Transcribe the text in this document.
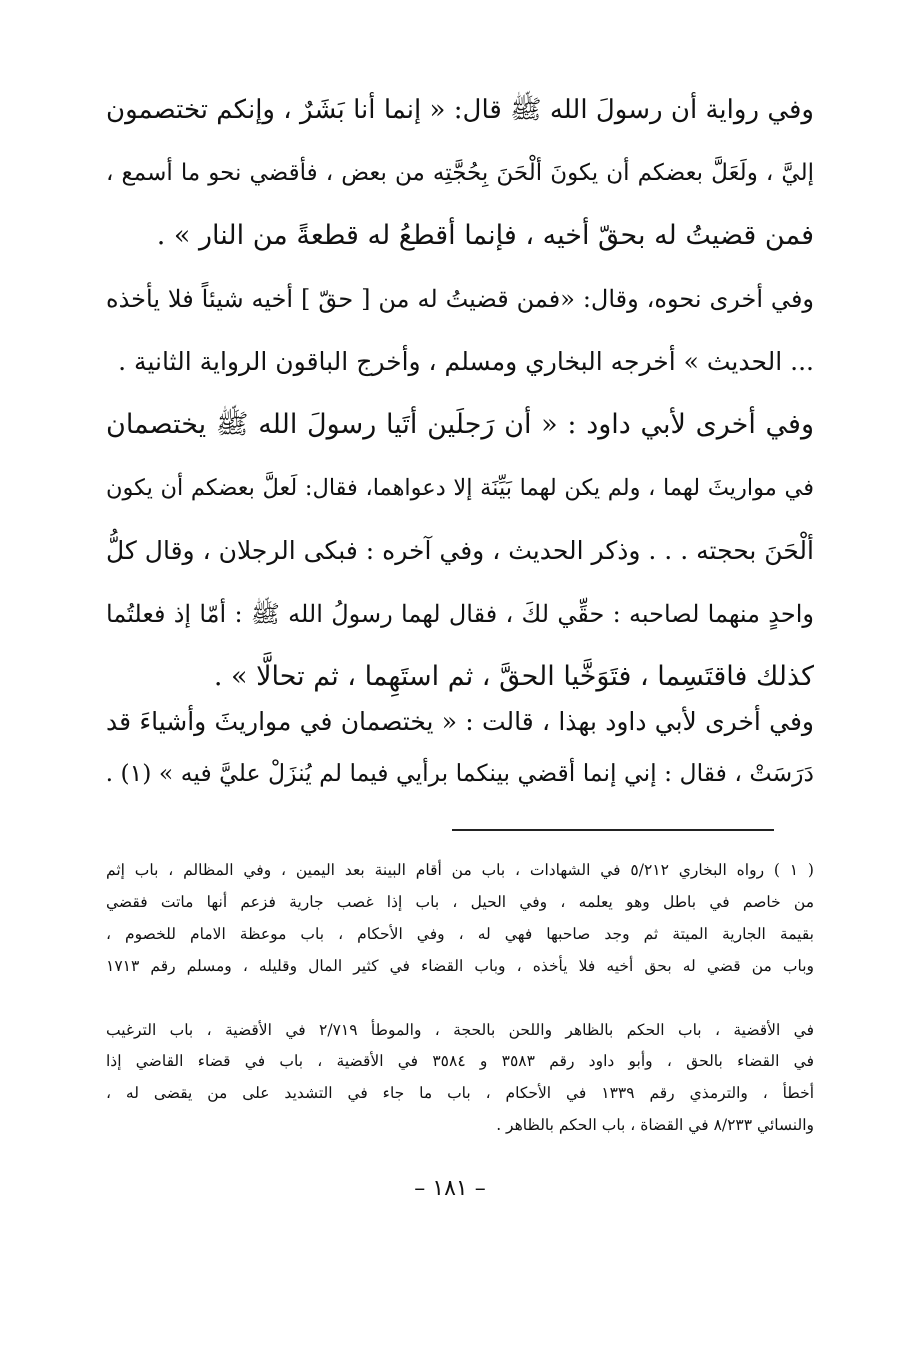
وفي رواية أن رسولَ الله ﷺ قال: « إنما أنا بَشَرٌ ، وإنكم تختصمون
إليَّ ، ولَعَلَّ بعضكم أن يكونَ ألْحَنَ بِحُجَّتِه من بعض ، فأقضي نحو ما أسمع ،
فمن قضيتُ له بحقّ أخيه ، فإنما أقطعُ له قطعةً من النار » .
وفي أخرى نحوه، وقال: «فمن قضيتُ له من [ حقّ ] أخيه شيئاً فلا يأخذه
... الحديث » أخرجه البخاري ومسلم ، وأخرج الباقون الرواية الثانية .
وفي أخرى لأبي داود : « أن رَجلَين أتَيا رسولَ الله ﷺ يختصمان
في مواريثَ لهما ، ولم يكن لهما بَيِّنَة إلا دعواهما، فقال: لَعلَّ بعضكم أن يكون
ألْحَنَ بحجته . . . وذكر الحديث ، وفي آخره : فبكى الرجلان ، وقال كلُّ
واحدٍ منهما لصاحبه : حقِّي لكَ ، فقال لهما رسولُ الله ﷺ : أمّا إذ فعلتُما
كذلك فاقتَسِما ، فتَوَخَّيا الحقَّ ، ثم استَهِما ، ثم تحالَّا » .
وفي أخرى لأبي داود بهذا ، قالت : « يختصمان في مواريثَ وأشياءَ قد
دَرَسَتْ ، فقال : إني إنما أقضي بينكما برأيي فيما لم يُنزَلْ عليَّ فيه » (١) .
( ١ ) رواه البخاري ٥/٢١٢ في الشهادات ، باب من أقام البينة بعد اليمين ، وفي المظالم ، باب إثم
من خاصم في باطل وهو يعلمه ، وفي الحيل ، باب إذا غصب جارية فزعم أنها ماتت فقضي
بقيمة الجارية الميتة ثم وجد صاحبها فهي له ، وفي الأحكام ، باب موعظة الامام للخصوم ،
وباب من قضي له بحق أخيه فلا يأخذه ، وباب القضاء في كثير المال وقليله ، ومسلم رقم ١٧١٣
في الأقضية ، باب الحكم بالظاهر واللحن بالحجة ، والموطأ ٢/٧١٩ في الأقضية ، باب الترغيب
في القضاء بالحق ، وأبو داود رقم ٣٥٨٣ و ٣٥٨٤ في الأقضية ، باب في قضاء القاضي إذا
أخطأ ، والترمذي رقم ١٣٣٩ في الأحكام ، باب ما جاء في التشديد على من يقضى له ،
والنسائي ٨/٢٣٣ في القضاة ، باب الحكم بالظاهر .
– ١٨١ –
